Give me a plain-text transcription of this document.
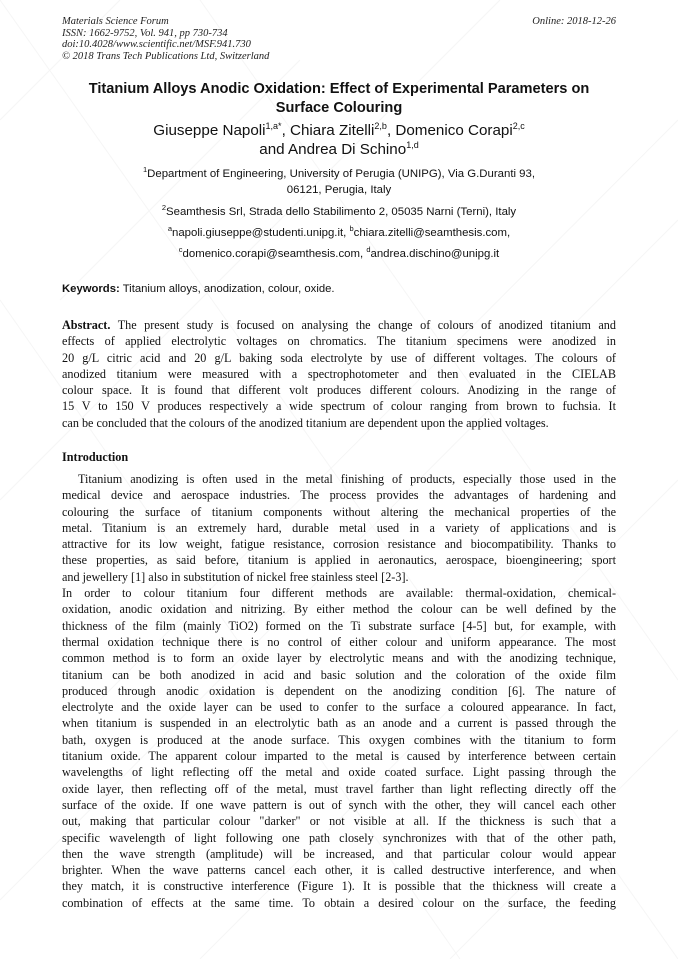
Materials Science Forum
ISSN: 1662-9752, Vol. 941, pp 730-734
doi:10.4028/www.scientific.net/MSF.941.730
© 2018 Trans Tech Publications Ltd, Switzerland
Online: 2018-12-26
Titanium Alloys Anodic Oxidation: Effect of Experimental Parameters on
Surface Colouring
Giuseppe Napoli$^{1,a*}$, Chiara Zitelli$^{2,b}$, Domenico Corapi$^{2,c}$
and Andrea Di Schino$^{1,d}$
$^1$Department of Engineering, University of Perugia (UNIPG), Via G.Duranti 93,
06121, Perugia, Italy
$^2$Seamthesis Srl, Strada dello Stabilimento 2, 05035 Narni (Terni), Italy
$^a$napoli.giuseppe@studenti.unipg.it, $^b$chiara.zitelli@seamthesis.com,
$^c$domenico.corapi@seamthesis.com, $^d$andrea.dischino@unipg.it
Keywords: Titanium alloys, anodization, colour, oxide.
Abstract. The present study is focused on analysing the change of colours of anodized titanium and
effects of applied electrolytic voltages on chromatics. The titanium specimens were anodized in
20 g/L citric acid and 20 g/L baking soda electrolyte by use of different voltages. The colours of
anodized titanium were measured with a spectrophotometer and then evaluated in the CIELAB
colour space. It is found that different volt produces different colours. Anodizing in the range of
15 V to 150 V produces respectively a wide spectrum of colour ranging from brown to fuchsia. It
can be concluded that the colours of the anodized titanium are dependent upon the applied voltages.
Introduction
Titanium anodizing is often used in the metal finishing of products, especially those used in the
medical device and aerospace industries. The process provides the advantages of hardening and
colouring the surface of titanium components without altering the mechanical properties of the
metal. Titanium is an extremely hard, durable metal used in a variety of applications and is
attractive for its low weight, fatigue resistance, corrosion resistance and biocompatibility. Thanks to
these properties, as said before, titanium is applied in aeronautics, aerospace, bioengineering; sport
and jewellery [1] also in substitution of nickel free stainless steel [2-3].
In order to colour titanium four different methods are available: thermal-oxidation, chemical-
oxidation, anodic oxidation and nitrizing. By either method the colour can be well defined by the
thickness of the film (mainly TiO2) formed on the Ti substrate surface [4-5] but, for example, with
thermal oxidation technique there is no control of either colour and uniform appearance. The most
common method is to form an oxide layer by electrolytic means and with the anodizing technique,
titanium can be both anodized in acid and basic solution and the coloration of the oxide film
produced through anodic oxidation is dependent on the anodizing condition [6]. The nature of
electrolyte and the oxide layer can be used to confer to the surface a coloured appearance. In fact,
when titanium is suspended in an electrolytic bath as an anode and a current is passed through the
bath, oxygen is produced at the anode surface. This oxygen combines with the titanium to form
titanium oxide. The apparent colour imparted to the metal is caused by interference between certain
wavelengths of light reflecting off the metal and oxide coated surface. Light passing through the
oxide layer, then reflecting off of the metal, must travel farther than light reflecting directly off the
surface of the oxide. If one wave pattern is out of synch with the other, they will cancel each other
out, making that particular colour "darker" or not visible at all. If the thickness is such that a
specific wavelength of light following one path closely synchronizes with that of the other path,
then the wave strength (amplitude) will be increased, and that particular colour would appear
brighter. When the wave patterns cancel each other, it is called destructive interference, and when
they match, it is constructive interference (Figure 1). It is possible that the thickness will create a
combination of effects at the same time. To obtain a desired colour on the surface, the feeding
